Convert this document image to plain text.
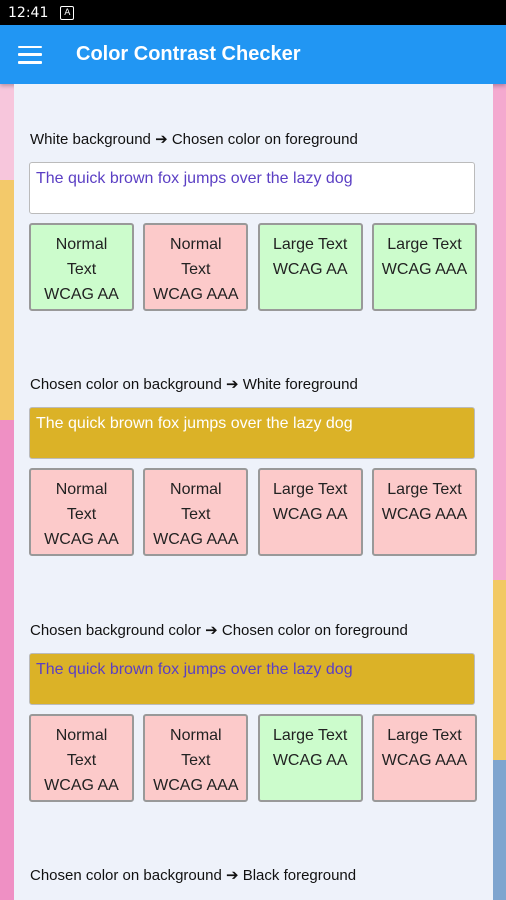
12:41	A
Color Contrast Checker
White background ➔ Chosen color on foreground
The quick brown fox jumps over the lazy dog
Normal
Text
WCAG AA
Normal
Text
WCAG AAA
Large Text
WCAG AA
Large Text
WCAG AAA
Chosen color on background ➔ White foreground
The quick brown fox jumps over the lazy dog
Normal
Text
WCAG AA
Normal
Text
WCAG AAA
Large Text
WCAG AA
Large Text
WCAG AAA
Chosen background color ➔ Chosen color on foreground
The quick brown fox jumps over the lazy dog
Normal
Text
WCAG AA
Normal
Text
WCAG AAA
Large Text
WCAG AA
Large Text
WCAG AAA
Chosen color on background ➔ Black foreground
